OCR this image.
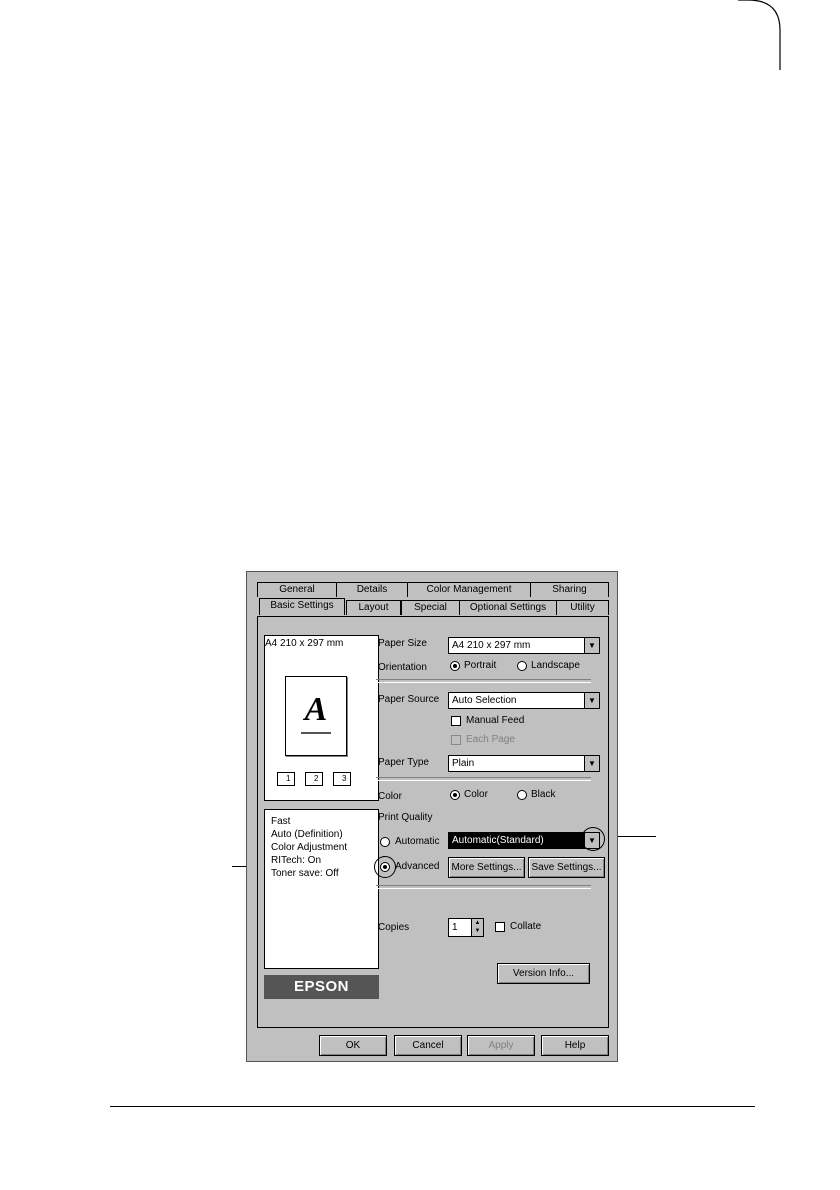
General	Details	Color Management	Sharing
Basic Settings	Layout	Special	Optional Settings	Utility
A4 210 x 297 mm
A
1	2	3
Fast
Auto (Definition)
Color Adjustment
RITech: On
Toner save: Off
EPSON
Paper Size	A4 210 x 297 mm	▼
Orientation	Portrait	Landscape
Paper Source	Auto Selection	▼
Manual Feed
Each Page
Paper Type	Plain	▼
Color	Color	Black
Print Quality
Automatic	Automatic(Standard)	▼
Advanced	More Settings... Save Settings...
Copies	1	▲
▼	Collate
Version Info...
OK	Cancel	Apply	Help
